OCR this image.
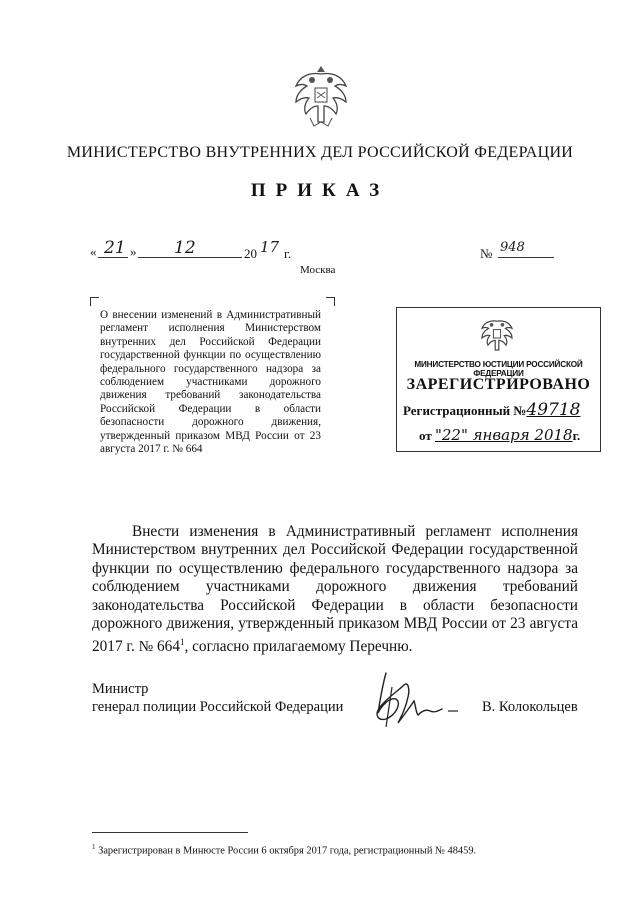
МИНИСТЕРСТВО ВНУТРЕННИХ ДЕЛ РОССИЙСКОЙ ФЕДЕРАЦИИ
ПРИКАЗ
« 21 » 12	20 17 г.	№ 948
Москва
О внесении изменений в Административный регламент исполнения Министерством внутренних дел Российской Федерации государственной функции по осуществлению федерального государственного надзора за соблюдением участниками дорожного движения требований законодательства Российской Федерации в области безопасности дорожного движения, утвержденный приказом МВД России от 23 августа 2017 г. № 664
МИНИСТЕРСТВО ЮСТИЦИИ РОССИЙСКОЙ ФЕДЕРАЦИИ
ЗАРЕГИСТРИРОВАНО
Регистрационный №49718
от "22" января 2018г.

Внести изменения в Административный регламент исполнения Министерством внутренних дел Российской Федерации государственной функции по осуществлению федерального государственного надзора за соблюдением участниками дорожного движения требований законодательства Российской Федерации в области безопасности дорожного движения, утвержденный приказом МВД России от 23 августа 2017 г. № $664^1$, согласно прилагаемому Перечню.

Министр
генерал полиции Российской Федерации	В. Колокольцев
$^1$ Зарегистрирован в Минюсте России 6 октября 2017 года, регистрационный № 48459.
